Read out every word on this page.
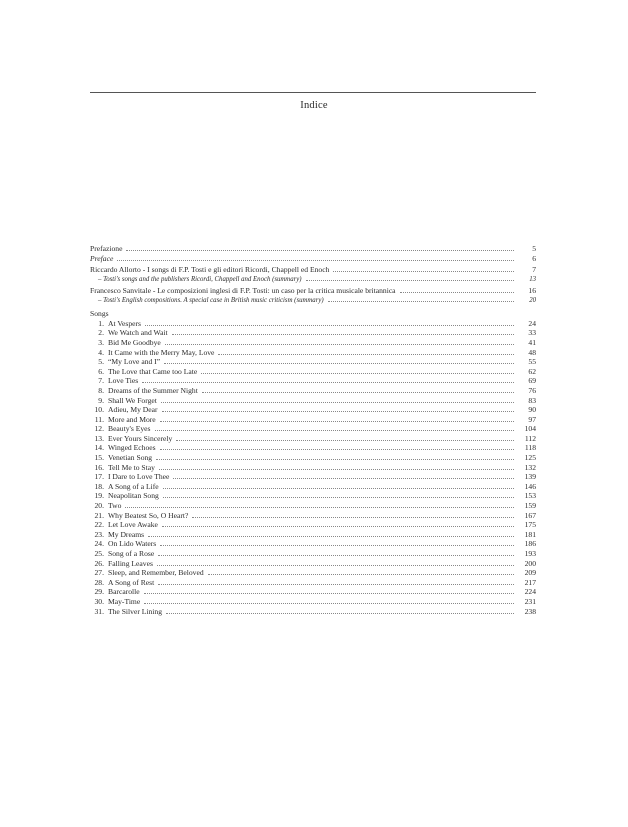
Indice
Prefazione	5
Preface	6
Riccardo Allorto - I songs di F.P. Tosti e gli editori Ricordi, Chappell ed Enoch	7
– Tosti's songs and the publishers Ricordi, Chappell and Enoch (summary)	13
Francesco Sanvitale - Le composizioni inglesi di F.P. Tosti: un caso per la critica musicale britannica	16
– Tosti's English compositions. A special case in British music criticism (summary)	20
Songs
1. At Vespers	24
2. We Watch and Wait	33
3. Bid Me Goodbye	41
4. It Came with the Merry May, Love	48
5. “My Love and I”	55
6. The Love that Came too Late	62
7. Love Ties	69
8. Dreams of the Summer Night	76
9. Shall We Forget	83
10. Adieu, My Dear	90
11. More and More	97
12. Beauty's Eyes	104
13. Ever Yours Sincerely	112
14. Winged Echoes	118
15. Venetian Song	125
16. Tell Me to Stay	132
17. I Dare to Love Thee	139
18. A Song of a Life	146
19. Neapolitan Song	153
20. Two	159
21. Why Beatest So, O Heart?	167
22. Let Love Awake	175
23. My Dreams	181
24. On Lido Waters	186
25. Song of a Rose	193
26. Falling Leaves	200
27. Sleep, and Remember, Beloved	209
28. A Song of Rest	217
29. Barcarolle	224
30. May-Time	231
31. The Silver Lining	238
